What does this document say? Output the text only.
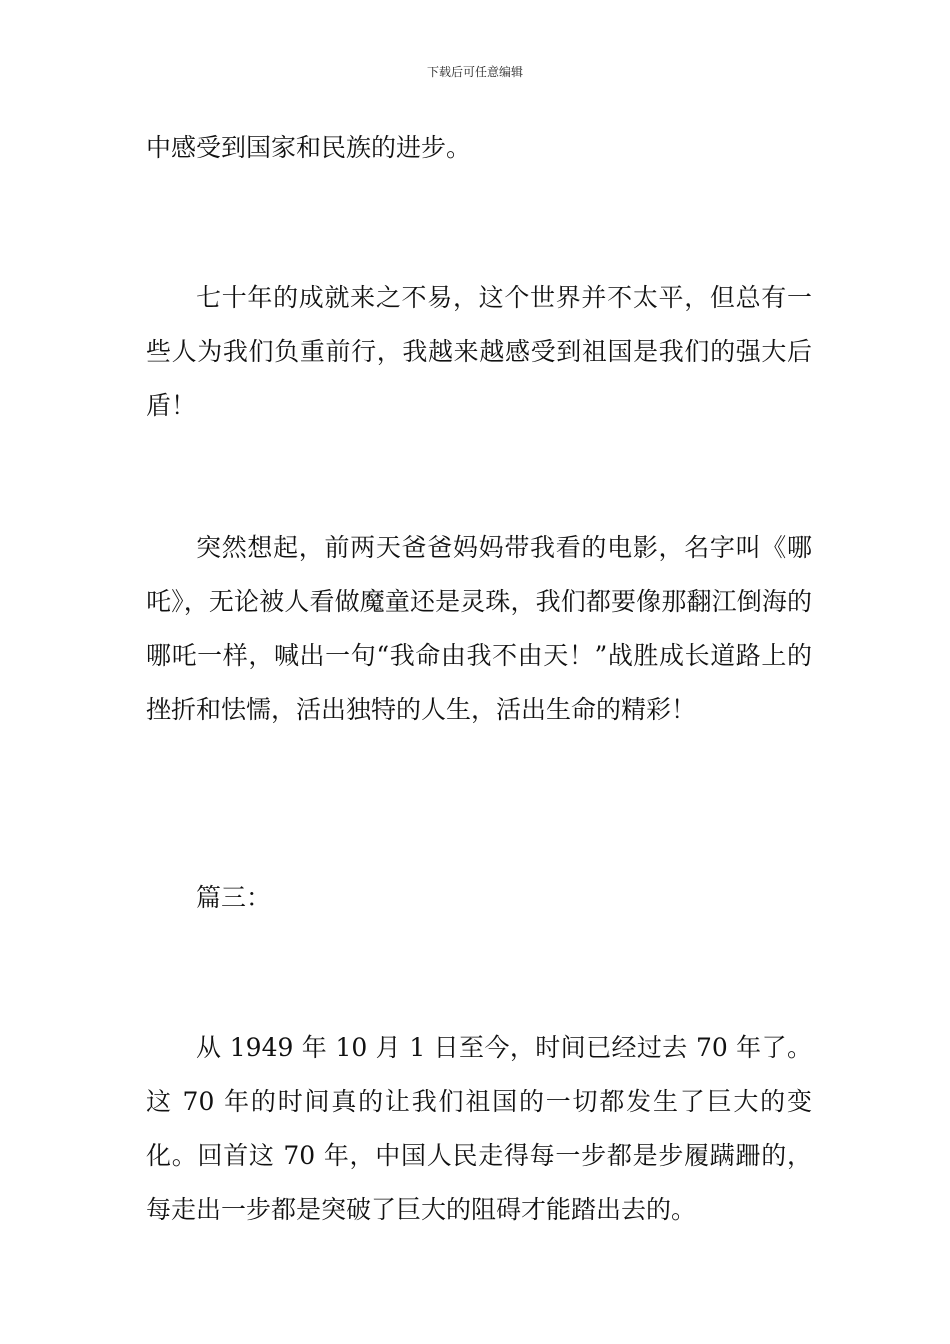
下载后可任意编辑

中感受到国家和民族的进步。

七十年的成就来之不易，这个世界并不太平，但总有一些人为我们负重前行，我越来越感受到祖国是我们的强大后盾！

突然想起，前两天爸爸妈妈带我看的电影，名字叫《哪吒》，无论被人看做魔童还是灵珠，我们都要像那翻江倒海的哪吒一样，喊出一句“我命由我不由天！”战胜成长道路上的挫折和怯懦，活出独特的人生，活出生命的精彩！

篇三：

从 1949 年 10 月 1 日至今，时间已经过去 70 年了。这 70 年的时间真的让我们祖国的一切都发生了巨大的变化。回首这 70 年，中国人民走得每一步都是步履蹒跚的，每走出一步都是突破了巨大的阻碍才能踏出去的。
